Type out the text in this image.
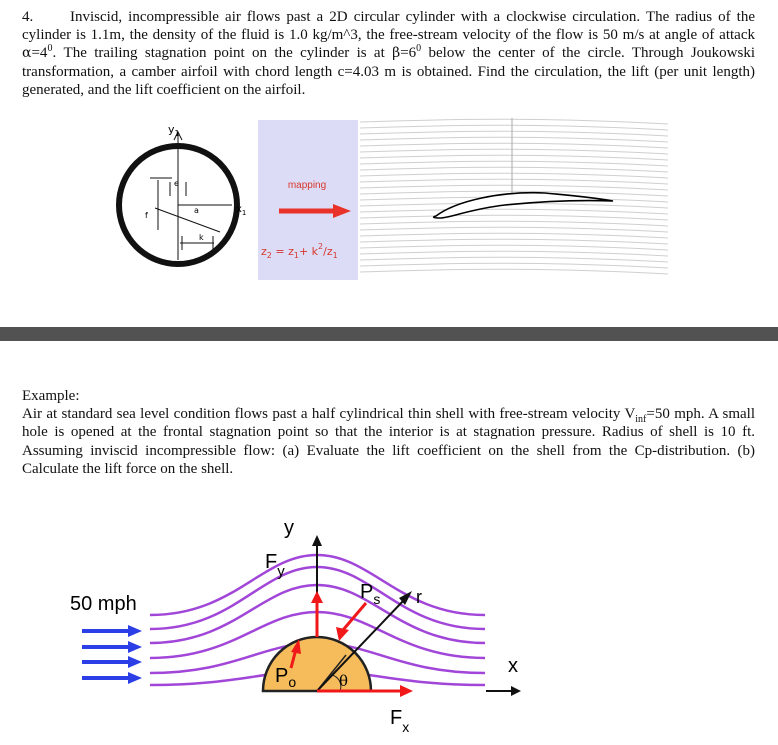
4. Inviscid, incompressible air flows past a 2D circular cylinder with a clockwise circulation. The radius of the cylinder is 1.1m, the density of the fluid is 1.0 kg/m^3, the free-stream velocity of the flow is 50 m/s at angle of attack $\alpha=4^0$. The trailing stagnation point on the cylinder is at $\beta=6^0$ below the center of the circle. Through Joukowski transformation, a camber airfoil with chord length c=4.03 m is obtained. Find the circulation, the lift (per unit length) generated, and the lift coefficient on the airfoil.
$y_1$
$x_1$
e
a
f
k
mapping
$z_2 = z_1+ k^2/z_1$
Example:
Air at standard sea level condition flows past a half cylindrical thin shell with free-stream velocity $V_{inf}=50$ mph. A small hole is opened at the frontal stagnation point so that the interior is at stagnation pressure. Radius of shell is 10 ft. Assuming inviscid incompressible flow: (a) Evaluate the lift coefficient on the shell from the Cp-distribution. (b) Calculate the lift force on the shell.
50 mph
θ
y
$F_y$
r
$P_s$
$P_o$
$F_x$
x
